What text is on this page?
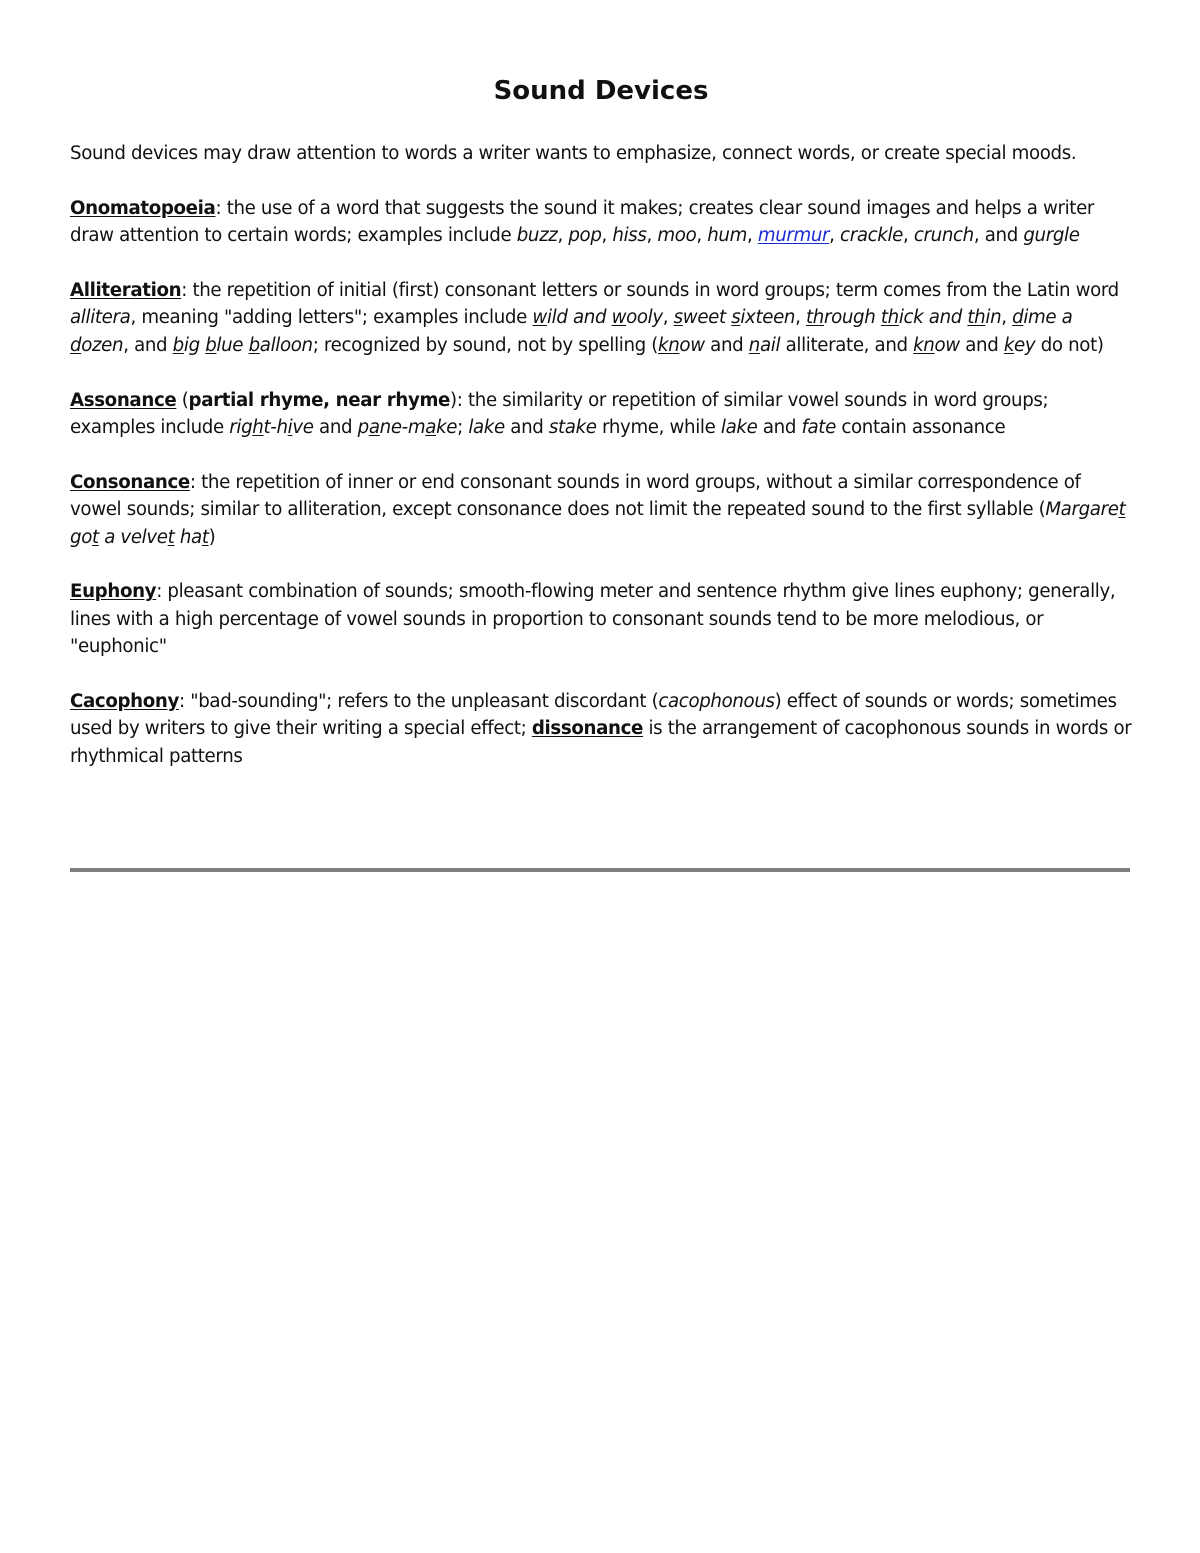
Sound Devices

Sound devices may draw attention to words a writer wants to emphasize, connect words, or create special moods.

Onomatopoeia: the use of a word that suggests the sound it makes; creates clear sound images and helps a writer draw attention to certain words; examples include buzz, pop, hiss, moo, hum, murmur, crackle, crunch, and gurgle

Alliteration: the repetition of initial (first) consonant letters or sounds in word groups; term comes from the Latin word allitera, meaning "adding letters"; examples include wild and wooly, sweet sixteen, through thick and thin, dime a dozen, and big blue balloon; recognized by sound, not by spelling (know and nail alliterate, and know and key do not)

Assonance (partial rhyme, near rhyme): the similarity or repetition of similar vowel sounds in word groups; examples include right-hive and pane-make; lake and stake rhyme, while lake and fate contain assonance

Consonance: the repetition of inner or end consonant sounds in word groups, without a similar correspondence of vowel sounds; similar to alliteration, except consonance does not limit the repeated sound to the first syllable (Margaret got a velvet hat)

Euphony: pleasant combination of sounds; smooth-flowing meter and sentence rhythm give lines euphony; generally, lines with a high percentage of vowel sounds in proportion to consonant sounds tend to be more melodious, or "euphonic"

Cacophony: "bad-sounding"; refers to the unpleasant discordant (cacophonous) effect of sounds or words; sometimes used by writers to give their writing a special effect; dissonance is the arrangement of cacophonous sounds in words or rhythmical patterns
